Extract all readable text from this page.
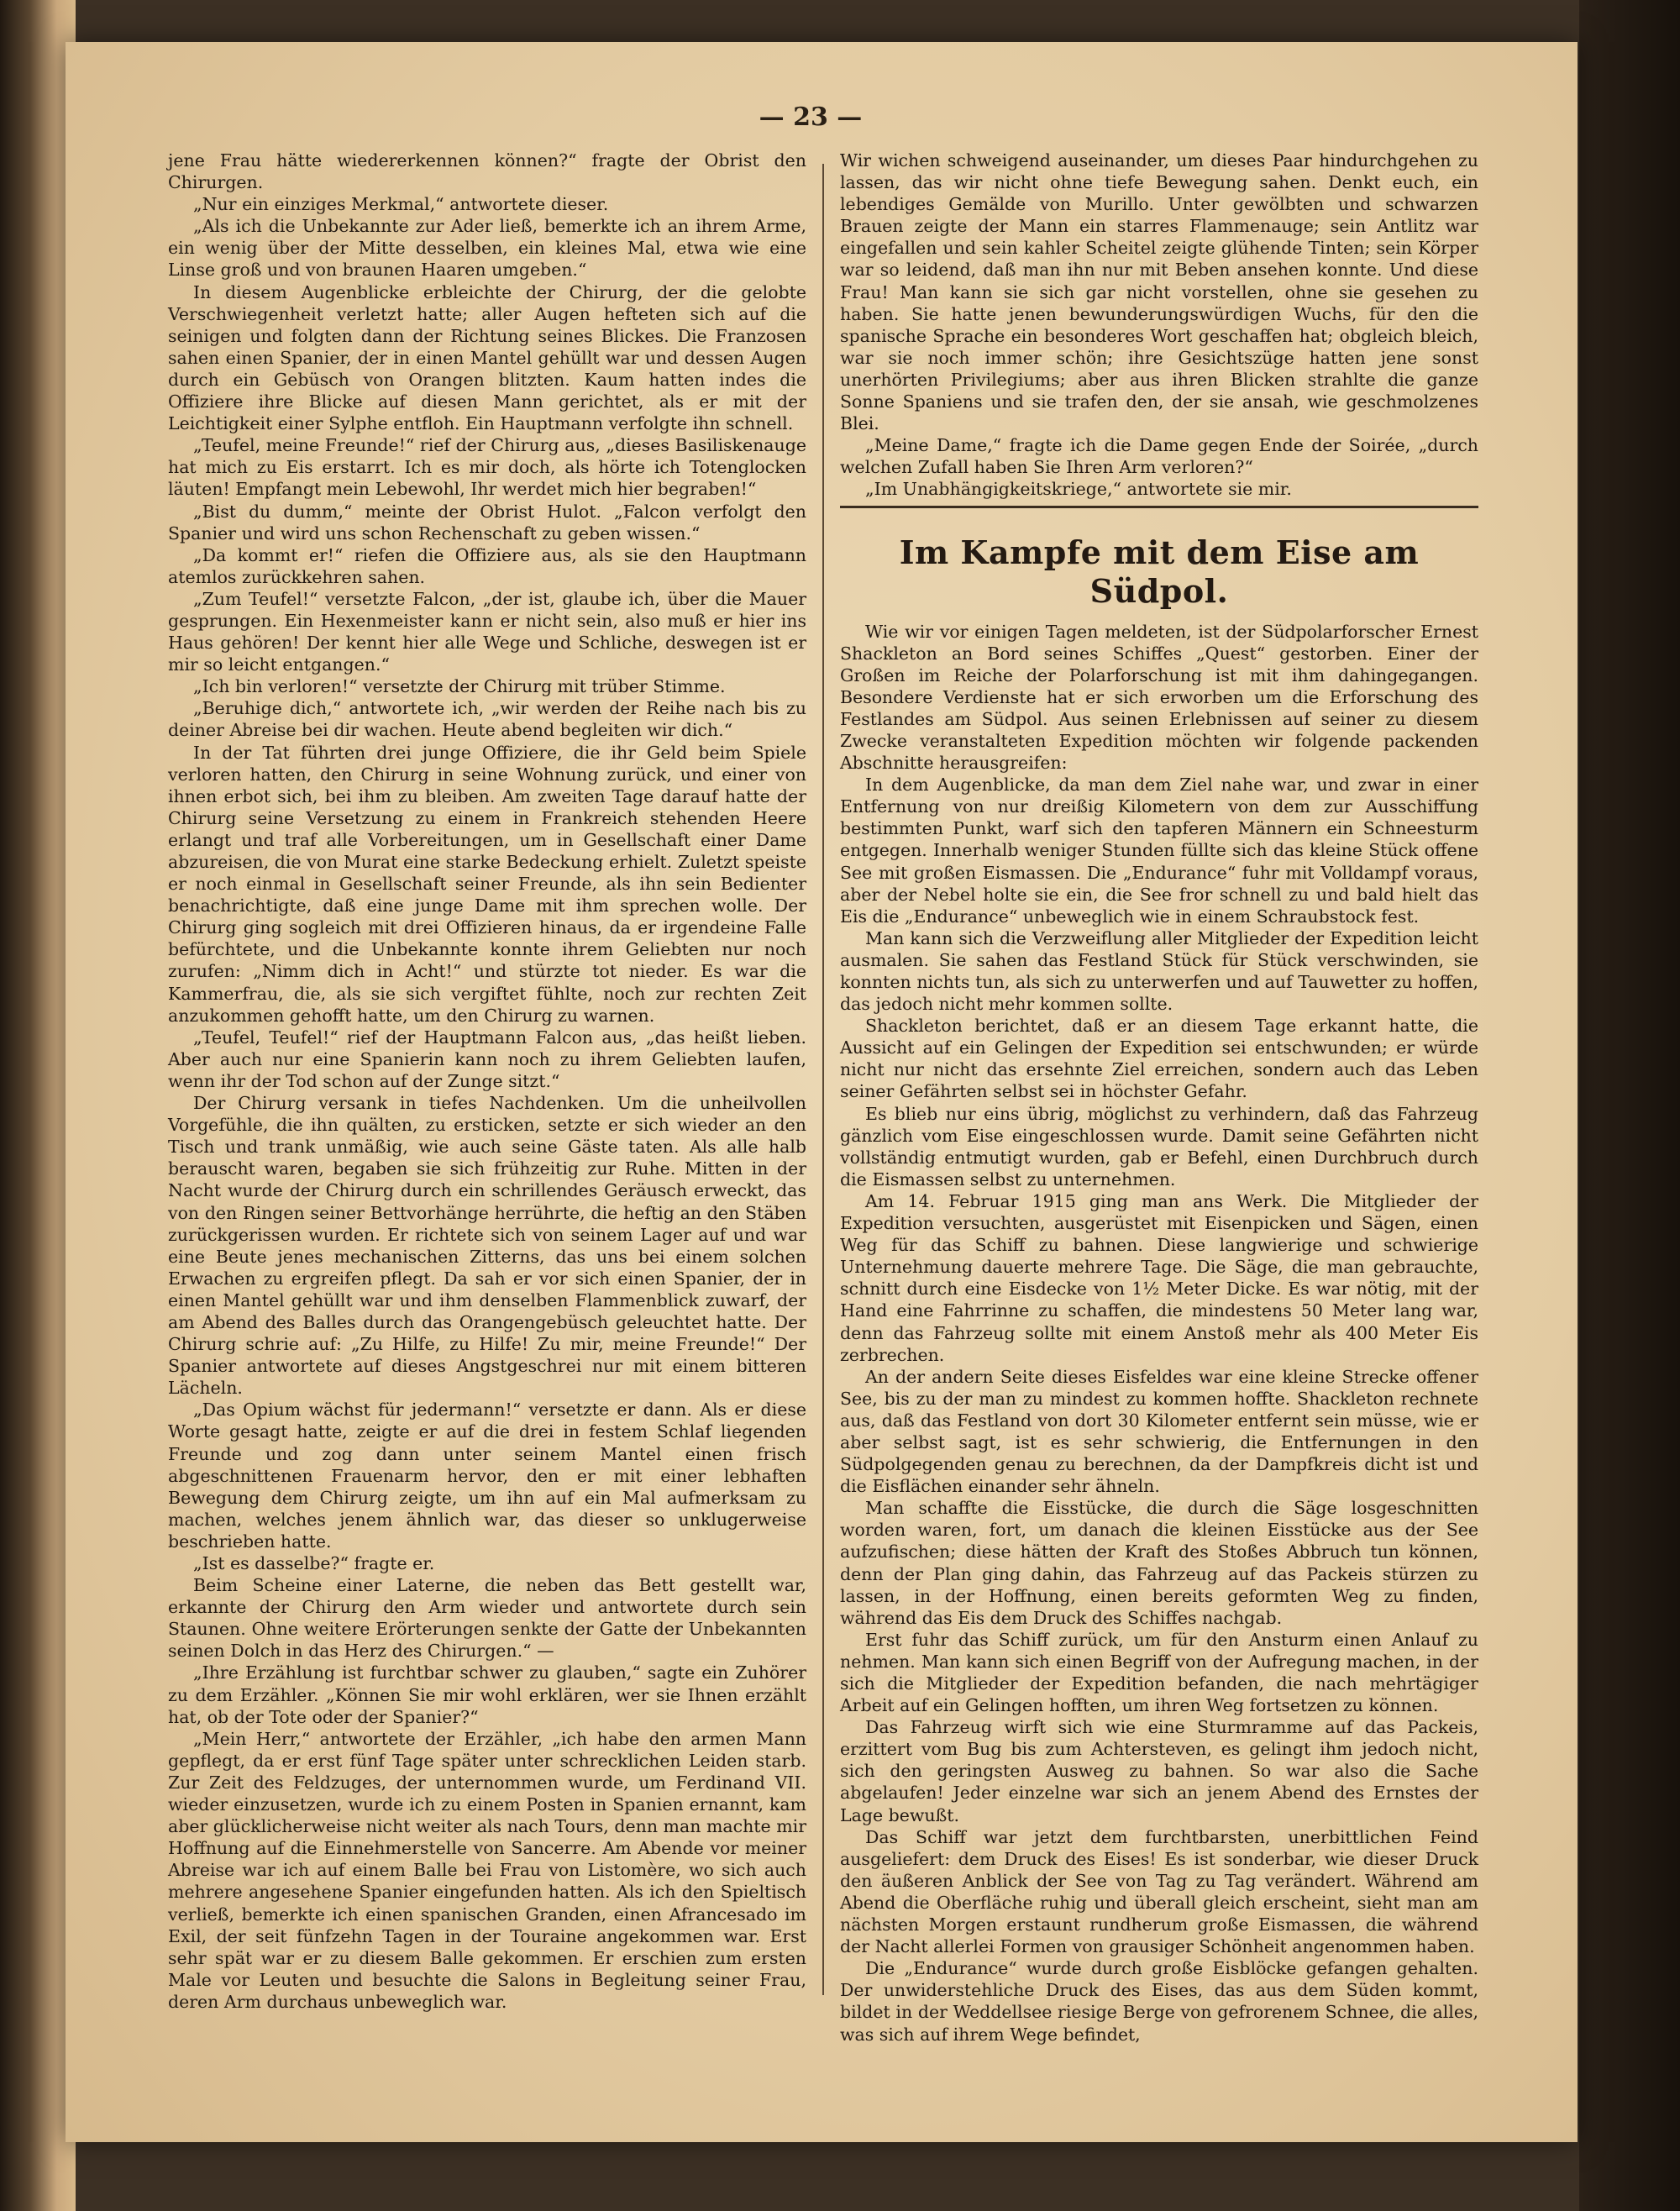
— 23 —

jene Frau hätte wiedererkennen können?“ fragte der Obrist den Chirurgen.

„Nur ein einziges Merkmal,“ antwortete dieser.

„Als ich die Unbekannte zur Ader ließ, bemerkte ich an ihrem Arme, ein wenig über der Mitte desselben, ein kleines Mal, etwa wie eine Linse groß und von braunen Haaren umgeben.“

In diesem Augenblicke erbleichte der Chirurg, der die gelobte Verschwiegenheit verletzt hatte; aller Augen hefteten sich auf die seinigen und folgten dann der Richtung seines Blickes. Die Franzosen sahen einen Spanier, der in einen Mantel gehüllt war und dessen Augen durch ein Gebüsch von Orangen blitzten. Kaum hatten indes die Offiziere ihre Blicke auf diesen Mann gerichtet, als er mit der Leichtigkeit einer Sylphe entfloh. Ein Hauptmann verfolgte ihn schnell.

„Teufel, meine Freunde!“ rief der Chirurg aus, „dieses Basiliskenauge hat mich zu Eis erstarrt. Ich es mir doch, als hörte ich Totenglocken läuten! Empfangt mein Lebewohl, Ihr werdet mich hier begraben!“

„Bist du dumm,“ meinte der Obrist Hulot. „Falcon verfolgt den Spanier und wird uns schon Rechenschaft zu geben wissen.“

„Da kommt er!“ riefen die Offiziere aus, als sie den Hauptmann atemlos zurückkehren sahen.

„Zum Teufel!“ versetzte Falcon, „der ist, glaube ich, über die Mauer gesprungen. Ein Hexenmeister kann er nicht sein, also muß er hier ins Haus gehören! Der kennt hier alle Wege und Schliche, deswegen ist er mir so leicht entgangen.“

„Ich bin verloren!“ versetzte der Chirurg mit trüber Stimme.

„Beruhige dich,“ antwortete ich, „wir werden der Reihe nach bis zu deiner Abreise bei dir wachen. Heute abend begleiten wir dich.“

In der Tat führten drei junge Offiziere, die ihr Geld beim Spiele verloren hatten, den Chirurg in seine Wohnung zurück, und einer von ihnen erbot sich, bei ihm zu bleiben. Am zweiten Tage darauf hatte der Chirurg seine Versetzung zu einem in Frankreich stehenden Heere erlangt und traf alle Vorbereitungen, um in Gesellschaft einer Dame abzureisen, die von Murat eine starke Bedeckung erhielt. Zuletzt speiste er noch einmal in Gesellschaft seiner Freunde, als ihn sein Bedienter benachrichtigte, daß eine junge Dame mit ihm sprechen wolle. Der Chirurg ging sogleich mit drei Offizieren hinaus, da er irgendeine Falle befürchtete, und die Unbekannte konnte ihrem Geliebten nur noch zurufen: „Nimm dich in Acht!“ und stürzte tot nieder. Es war die Kammerfrau, die, als sie sich vergiftet fühlte, noch zur rechten Zeit anzukommen gehofft hatte, um den Chirurg zu warnen.

„Teufel, Teufel!“ rief der Hauptmann Falcon aus, „das heißt lieben. Aber auch nur eine Spanierin kann noch zu ihrem Geliebten laufen, wenn ihr der Tod schon auf der Zunge sitzt.“

Der Chirurg versank in tiefes Nachdenken. Um die unheilvollen Vorgefühle, die ihn quälten, zu ersticken, setzte er sich wieder an den Tisch und trank unmäßig, wie auch seine Gäste taten. Als alle halb berauscht waren, begaben sie sich frühzeitig zur Ruhe. Mitten in der Nacht wurde der Chirurg durch ein schrillendes Geräusch erweckt, das von den Ringen seiner Bettvorhänge herrührte, die heftig an den Stäben zurückgerissen wurden. Er richtete sich von seinem Lager auf und war eine Beute jenes mechanischen Zitterns, das uns bei einem solchen Erwachen zu ergreifen pflegt. Da sah er vor sich einen Spanier, der in einen Mantel gehüllt war und ihm denselben Flammenblick zuwarf, der am Abend des Balles durch das Orangengebüsch geleuchtet hatte. Der Chirurg schrie auf: „Zu Hilfe, zu Hilfe! Zu mir, meine Freunde!“ Der Spanier antwortete auf dieses Angstgeschrei nur mit einem bitteren Lächeln.

„Das Opium wächst für jedermann!“ versetzte er dann. Als er diese Worte gesagt hatte, zeigte er auf die drei in festem Schlaf liegenden Freunde und zog dann unter seinem Mantel einen frisch abgeschnittenen Frauenarm hervor, den er mit einer lebhaften Bewegung dem Chirurg zeigte, um ihn auf ein Mal aufmerksam zu machen, welches jenem ähnlich war, das dieser so unklugerweise beschrieben hatte.

„Ist es dasselbe?“ fragte er.

Beim Scheine einer Laterne, die neben das Bett gestellt war, erkannte der Chirurg den Arm wieder und antwortete durch sein Staunen. Ohne weitere Erörterungen senkte der Gatte der Unbekannten seinen Dolch in das Herz des Chirurgen.“ —

„Ihre Erzählung ist furchtbar schwer zu glauben,“ sagte ein Zuhörer zu dem Erzähler. „Können Sie mir wohl erklären, wer sie Ihnen erzählt hat, ob der Tote oder der Spanier?“

„Mein Herr,“ antwortete der Erzähler, „ich habe den armen Mann gepflegt, da er erst fünf Tage später unter schrecklichen Leiden starb. Zur Zeit des Feldzuges, der unternommen wurde, um Ferdinand VII. wieder einzusetzen, wurde ich zu einem Posten in Spanien ernannt, kam aber glücklicherweise nicht weiter als nach Tours, denn man machte mir Hoffnung auf die Einnehmerstelle von Sancerre. Am Abende vor meiner Abreise war ich auf einem Balle bei Frau von Listomère, wo sich auch mehrere angesehene Spanier eingefunden hatten. Als ich den Spieltisch verließ, bemerkte ich einen spanischen Granden, einen Afrancesado im Exil, der seit fünfzehn Tagen in der Touraine angekommen war. Erst sehr spät war er zu diesem Balle gekommen. Er erschien zum ersten Male vor Leuten und besuchte die Salons in Begleitung seiner Frau, deren Arm durchaus unbeweglich war.

Wir wichen schweigend auseinander, um dieses Paar hindurchgehen zu lassen, das wir nicht ohne tiefe Bewegung sahen. Denkt euch, ein lebendiges Gemälde von Murillo. Unter gewölbten und schwarzen Brauen zeigte der Mann ein starres Flammenauge; sein Antlitz war eingefallen und sein kahler Scheitel zeigte glühende Tinten; sein Körper war so leidend, daß man ihn nur mit Beben ansehen konnte. Und diese Frau! Man kann sie sich gar nicht vorstellen, ohne sie gesehen zu haben. Sie hatte jenen bewunderungswürdigen Wuchs, für den die spanische Sprache ein besonderes Wort geschaffen hat; obgleich bleich, war sie noch immer schön; ihre Gesichtszüge hatten jene sonst unerhörten Privilegiums; aber aus ihren Blicken strahlte die ganze Sonne Spaniens und sie trafen den, der sie ansah, wie geschmolzenes Blei.

„Meine Dame,“ fragte ich die Dame gegen Ende der Soirée, „durch welchen Zufall haben Sie Ihren Arm verloren?“

„Im Unabhängigkeitskriege,“ antwortete sie mir.

Im Kampfe mit dem Eise am Südpol.

Wie wir vor einigen Tagen meldeten, ist der Südpolarforscher Ernest Shackleton an Bord seines Schiffes „Quest“ gestorben. Einer der Großen im Reiche der Polarforschung ist mit ihm dahingegangen. Besondere Verdienste hat er sich erworben um die Erforschung des Festlandes am Südpol. Aus seinen Erlebnissen auf seiner zu diesem Zwecke veranstalteten Expedition möchten wir folgende packenden Abschnitte herausgreifen:

In dem Augenblicke, da man dem Ziel nahe war, und zwar in einer Entfernung von nur dreißig Kilometern von dem zur Ausschiffung bestimmten Punkt, warf sich den tapferen Männern ein Schneesturm entgegen. Innerhalb weniger Stunden füllte sich das kleine Stück offene See mit großen Eismassen. Die „Endurance“ fuhr mit Volldampf voraus, aber der Nebel holte sie ein, die See fror schnell zu und bald hielt das Eis die „Endurance“ unbeweglich wie in einem Schraubstock fest.

Man kann sich die Verzweiflung aller Mitglieder der Expedition leicht ausmalen. Sie sahen das Festland Stück für Stück verschwinden, sie konnten nichts tun, als sich zu unterwerfen und auf Tauwetter zu hoffen, das jedoch nicht mehr kommen sollte.

Shackleton berichtet, daß er an diesem Tage erkannt hatte, die Aussicht auf ein Gelingen der Expedition sei entschwunden; er würde nicht nur nicht das ersehnte Ziel erreichen, sondern auch das Leben seiner Gefährten selbst sei in höchster Gefahr.

Es blieb nur eins übrig, möglichst zu verhindern, daß das Fahrzeug gänzlich vom Eise eingeschlossen wurde. Damit seine Gefährten nicht vollständig entmutigt wurden, gab er Befehl, einen Durchbruch durch die Eismassen selbst zu unternehmen.

Am 14. Februar 1915 ging man ans Werk. Die Mitglieder der Expedition versuchten, ausgerüstet mit Eisenpicken und Sägen, einen Weg für das Schiff zu bahnen. Diese langwierige und schwierige Unternehmung dauerte mehrere Tage. Die Säge, die man gebrauchte, schnitt durch eine Eisdecke von 1½ Meter Dicke. Es war nötig, mit der Hand eine Fahrrinne zu schaffen, die mindestens 50 Meter lang war, denn das Fahrzeug sollte mit einem Anstoß mehr als 400 Meter Eis zerbrechen.

An der andern Seite dieses Eisfeldes war eine kleine Strecke offener See, bis zu der man zu mindest zu kommen hoffte. Shackleton rechnete aus, daß das Festland von dort 30 Kilometer entfernt sein müsse, wie er aber selbst sagt, ist es sehr schwierig, die Entfernungen in den Südpolgegenden genau zu berechnen, da der Dampfkreis dicht ist und die Eisflächen einander sehr ähneln.

Man schaffte die Eisstücke, die durch die Säge losgeschnitten worden waren, fort, um danach die kleinen Eisstücke aus der See aufzufischen; diese hätten der Kraft des Stoßes Abbruch tun können, denn der Plan ging dahin, das Fahrzeug auf das Packeis stürzen zu lassen, in der Hoffnung, einen bereits geformten Weg zu finden, während das Eis dem Druck des Schiffes nachgab.

Erst fuhr das Schiff zurück, um für den Ansturm einen Anlauf zu nehmen. Man kann sich einen Begriff von der Aufregung machen, in der sich die Mitglieder der Expedition befanden, die nach mehrtägiger Arbeit auf ein Gelingen hofften, um ihren Weg fortsetzen zu können.

Das Fahrzeug wirft sich wie eine Sturmramme auf das Packeis, erzittert vom Bug bis zum Achtersteven, es gelingt ihm jedoch nicht, sich den geringsten Ausweg zu bahnen. So war also die Sache abgelaufen! Jeder einzelne war sich an jenem Abend des Ernstes der Lage bewußt.

Das Schiff war jetzt dem furchtbarsten, unerbittlichen Feind ausgeliefert: dem Druck des Eises! Es ist sonderbar, wie dieser Druck den äußeren Anblick der See von Tag zu Tag verändert. Während am Abend die Oberfläche ruhig und überall gleich erscheint, sieht man am nächsten Morgen erstaunt rundherum große Eismassen, die während der Nacht allerlei Formen von grausiger Schönheit angenommen haben.

Die „Endurance“ wurde durch große Eisblöcke gefangen gehalten. Der unwiderstehliche Druck des Eises, das aus dem Süden kommt, bildet in der Weddellsee riesige Berge von gefrorenem Schnee, die alles, was sich auf ihrem Wege befindet,
